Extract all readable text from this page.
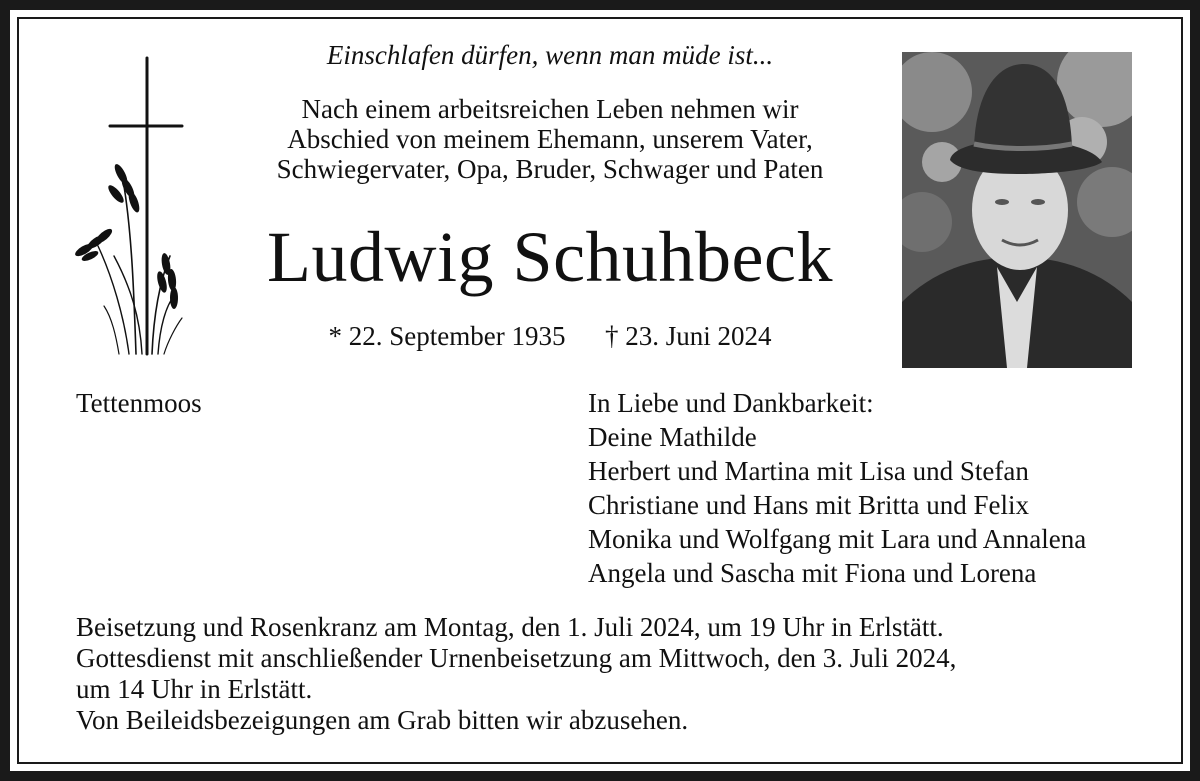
Einschlafen dürfen, wenn man müde ist...
Nach einem arbeitsreichen Leben nehmen wir
Abschied von meinem Ehemann, unserem Vater,
Schwiegervater, Opa, Bruder, Schwager und Paten
Ludwig Schuhbeck
* 22. September 1935 † 23. Juni 2024
Tettenmoos	In Liebe und Dankbarkeit:
Deine Mathilde
Herbert und Martina mit Lisa und Stefan
Christiane und Hans mit Britta und Felix
Monika und Wolfgang mit Lara und Annalena
Angela und Sascha mit Fiona und Lorena
Beisetzung und Rosenkranz am Montag, den 1. Juli 2024, um 19 Uhr in Erlstätt.
Gottesdienst mit anschließender Urnenbeisetzung am Mittwoch, den 3. Juli 2024,
um 14 Uhr in Erlstätt.
Von Beileidsbezeigungen am Grab bitten wir abzusehen.
